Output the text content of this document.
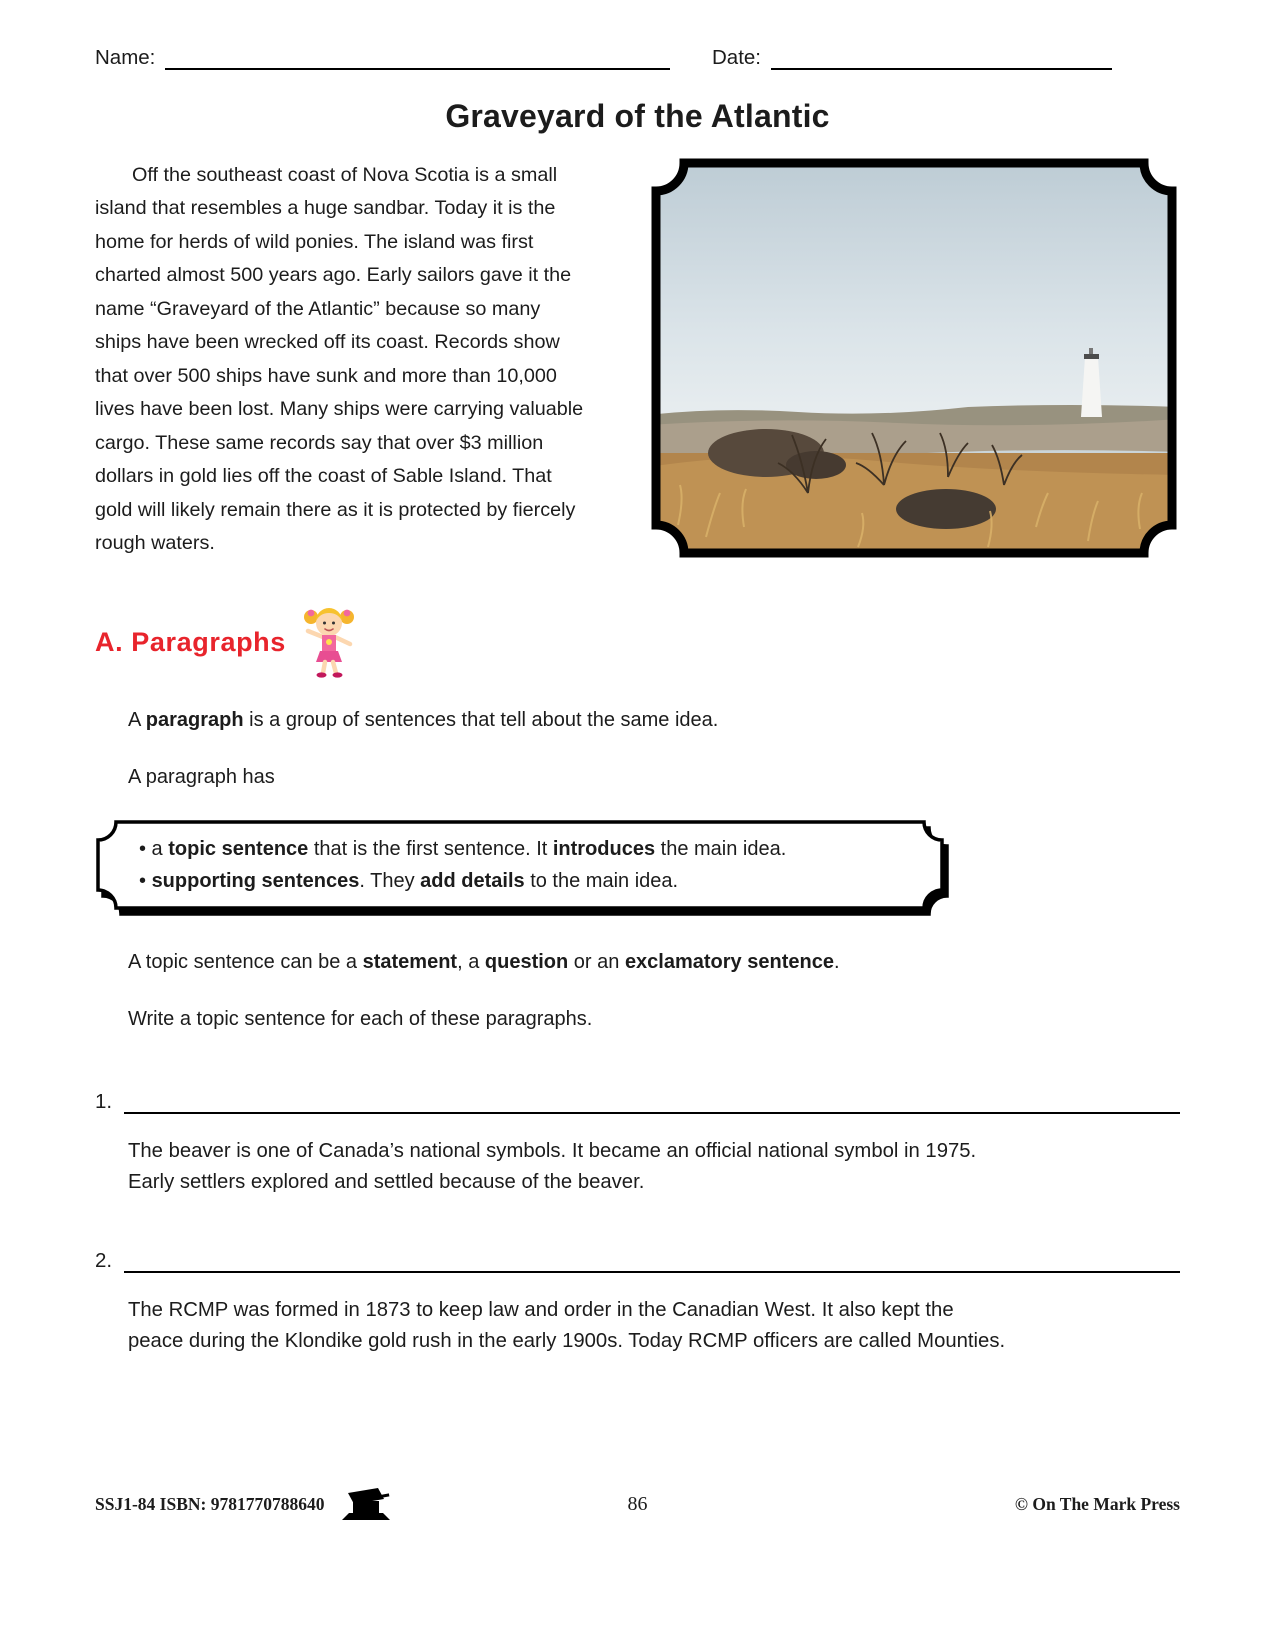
Name:	Date:
Graveyard of the Atlantic

Off the southeast coast of Nova Scotia is a small island that resembles a huge sandbar. Today it is the home for herds of wild ponies. The island was first charted almost 500 years ago. Early sailors gave it the name “Graveyard of the Atlantic” because so many ships have been wrecked off its coast. Records show that over 500 ships have sunk and more than 10,000 lives have been lost. Many ships were carrying valuable cargo. These same records say that over $3 million dollars in gold lies off the coast of Sable Island. That gold will likely remain there as it is protected by fiercely rough waters.

A. Paragraphs

A paragraph is a group of sentences that tell about the same idea.

A paragraph has

• a topic sentence that is the first sentence. It introduces the main idea.
• supporting sentences. They add details to the main idea.

A topic sentence can be a statement, a question or an exclamatory sentence.

Write a topic sentence for each of these paragraphs.

1.

The beaver is one of Canada’s national symbols. It became an official national symbol in 1975. Early settlers explored and settled because of the beaver.

2.

The RCMP was formed in 1873 to keep law and order in the Canadian West. It also kept the peace during the Klondike gold rush in the early 1900s. Today RCMP officers are called Mounties.

SSJ1-84 ISBN: 9781770788640	86	© On The Mark Press
